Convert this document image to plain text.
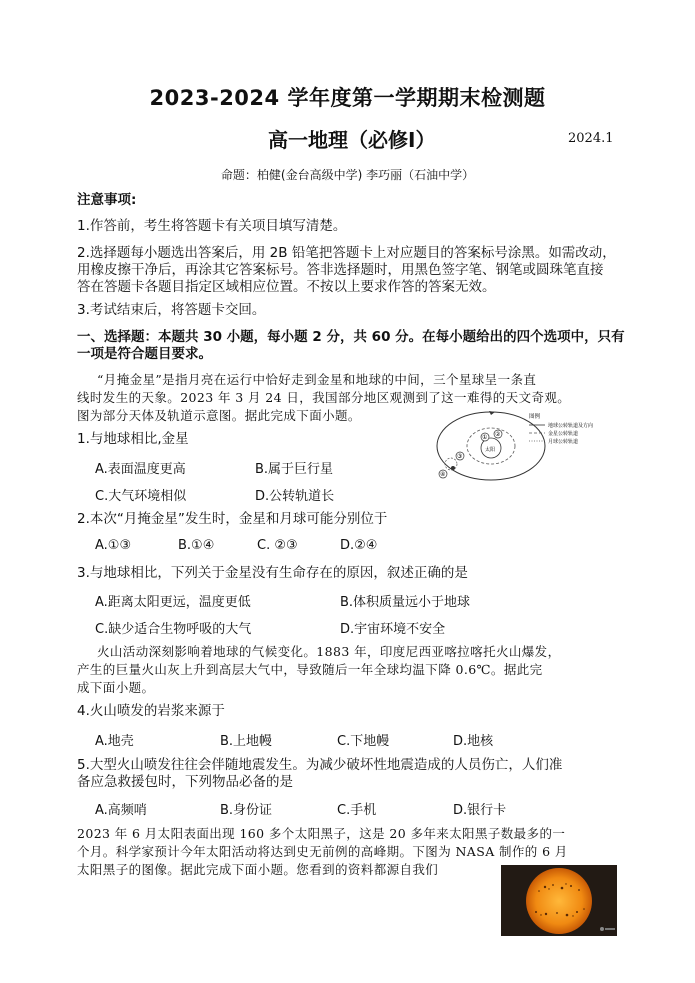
2023-2024 学年度第一学期期末检测题
高一地理（必修Ⅰ）	2024.1
命题：柏健(金台高级中学) 李巧丽（石油中学）
注意事项:
1.作答前，考生将答题卡有关项目填写清楚。
2.选择题每小题选出答案后，用 2B 铅笔把答题卡上对应题目的答案标号涂黑。如需改动，
用橡皮擦干净后，再涂其它答案标号。答非选择题时，用黑色签字笔、钢笔或圆珠笔直接
答在答题卡各题目指定区域相应位置。不按以上要求作答的答案无效。
3.考试结束后，将答题卡交回。
一、选择题：本题共 30 小题，每小题 2 分，共 60 分。在每小题给出的四个选项中，只有
一项是符合题目要求。
“月掩金星”是指月亮在运行中恰好走到金星和地球的中间，三个星球呈一条直
线时发生的天象。2023 年 3 月 24 日，我国部分地区观测到了这一难得的天文奇观。
图为部分天体及轨道示意图。据此完成下面小题。
太阳
① ②
③
④
图例
地球公转轨道及方向
金星公转轨道
月球公转轨道
1.与地球相比,金星
A.表面温度更高	B.属于巨行星
C.大气环境相似	D.公转轨道长
2.本次“月掩金星”发生时，金星和月球可能分别位于
A.①③	B.①④	C. ②③	D.②④
3.与地球相比，下列关于金星没有生命存在的原因，叙述正确的是
A.距离太阳更远，温度更低	B.体积质量远小于地球
C.缺少适合生物呼吸的大气	D.宇宙环境不安全
火山活动深刻影响着地球的气候变化。1883 年，印度尼西亚喀拉喀托火山爆发，
产生的巨量火山灰上升到高层大气中，导致随后一年全球均温下降 0.6℃。据此完
成下面小题。
4.火山喷发的岩浆来源于
A.地壳	B.上地幔	C.下地幔	D.地核
5.大型火山喷发往往会伴随地震发生。为减少破坏性地震造成的人员伤亡，人们准
备应急救援包时，下列物品必备的是
A.高频哨	B.身份证	C.手机	D.银行卡
2023 年 6 月太阳表面出现 160 多个太阳黑子，这是 20 多年来太阳黑子数最多的一
个月。科学家预计今年太阳活动将达到史无前例的高峰期。下图为 NASA 制作的 6 月
太阳黑子的图像。据此完成下面小题。您看到的资料都源自我们
